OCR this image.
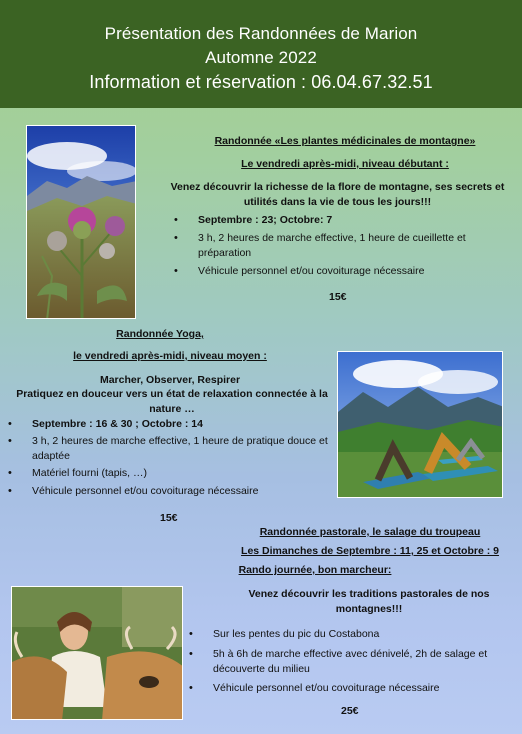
Présentation des Randonnées de Marion
Automne 2022
Information et réservation : 06.04.67.32.51
Randonnée «Les plantes médicinales de montagne»
Le vendredi après-midi, niveau débutant :
Venez découvrir la richesse de la flore de montagne, ses secrets et utilités dans la vie de tous les jours!!!
• Septembre : 23; Octobre: 7
• 3 h, 2 heures de marche effective, 1 heure de cueillette et préparation
• Véhicule personnel et/ou covoiturage nécessaire
15€
Randonnée Yoga,
le vendredi après-midi, niveau moyen :
Marcher, Observer, Respirer
Pratiquez en douceur vers un état de relaxation connectée à la nature …
• Septembre : 16 & 30 ; Octobre : 14
• 3 h, 2 heures de marche effective, 1 heure de pratique douce et adaptée
• Matériel fourni (tapis, …)
• Véhicule personnel et/ou covoiturage nécessaire
15€
Randonnée pastorale, le salage du troupeau
Les Dimanches de Septembre : 11, 25 et Octobre : 9
Rando journée, bon marcheur:
Venez découvrir les traditions pastorales de nos montagnes!!!
• Sur les pentes du pic du Costabona
• 5h à 6h de marche effective avec dénivelé, 2h de salage et découverte du milieu
• Véhicule personnel et/ou covoiturage nécessaire
25€
